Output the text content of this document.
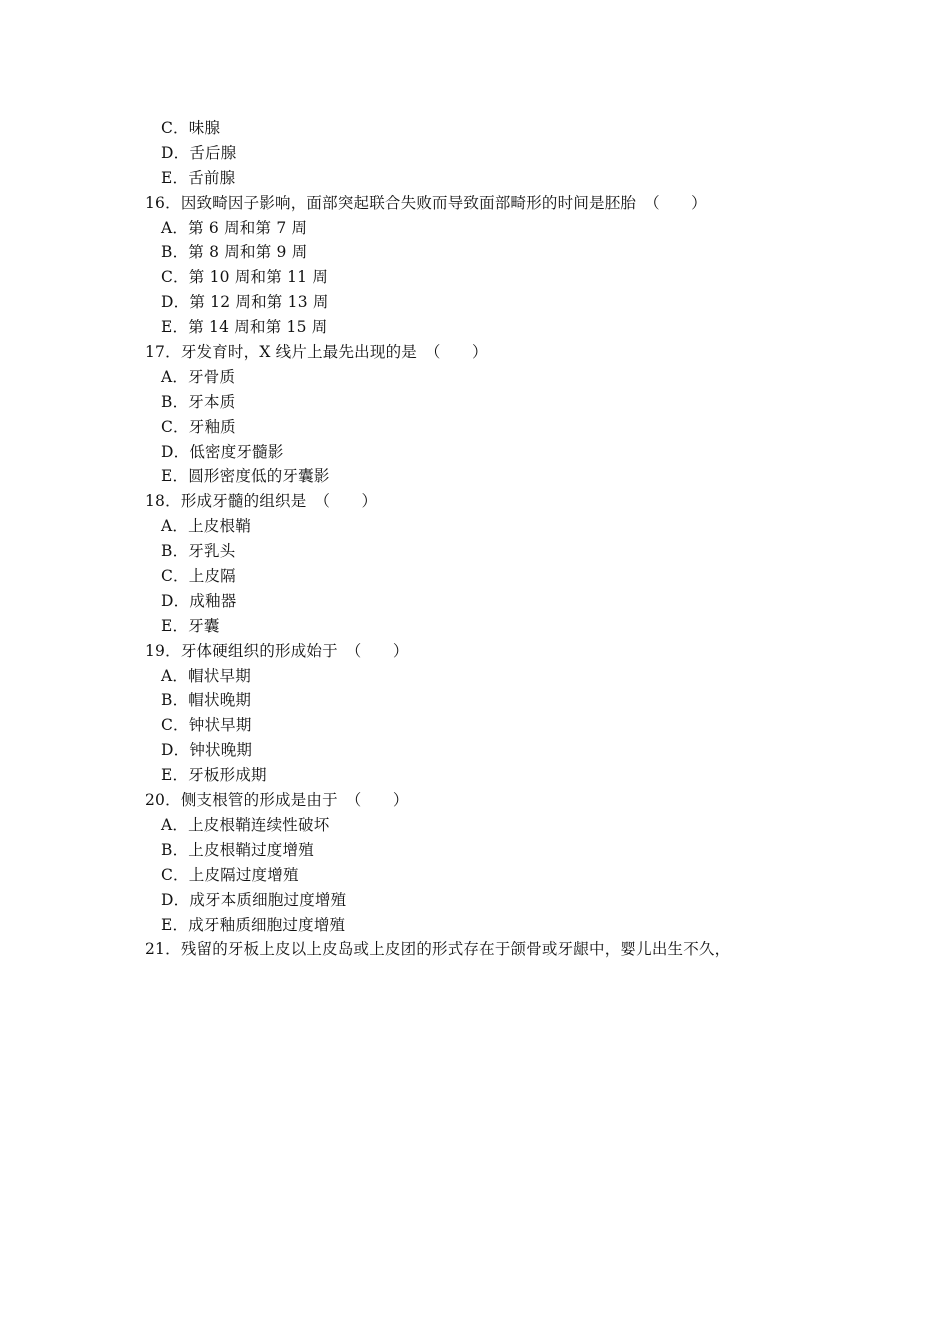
C．味腺
D．舌后腺
E．舌前腺
16．因致畸因子影响，面部突起联合失败而导致面部畸形的时间是胚胎　（　　）
A．第 6 周和第 7 周
B．第 8 周和第 9 周
C．第 10 周和第 11 周
D．第 12 周和第 13 周
E．第 14 周和第 15 周
17．牙发育时，X 线片上最先出现的是　（　　）
A．牙骨质
B．牙本质
C．牙釉质
D．低密度牙髓影
E．圆形密度低的牙囊影
18．形成牙髓的组织是　（　　）
A．上皮根鞘
B．牙乳头
C．上皮隔
D．成釉器
E．牙囊
19．牙体硬组织的形成始于　（　　）
A．帽状早期
B．帽状晚期
C．钟状早期
D．钟状晚期
E．牙板形成期
20．侧支根管的形成是由于　（　　）
A．上皮根鞘连续性破坏
B．上皮根鞘过度增殖
C．上皮隔过度增殖
D．成牙本质细胞过度增殖
E．成牙釉质细胞过度增殖
21．残留的牙板上皮以上皮岛或上皮团的形式存在于颌骨或牙龈中，婴儿出生不久，
